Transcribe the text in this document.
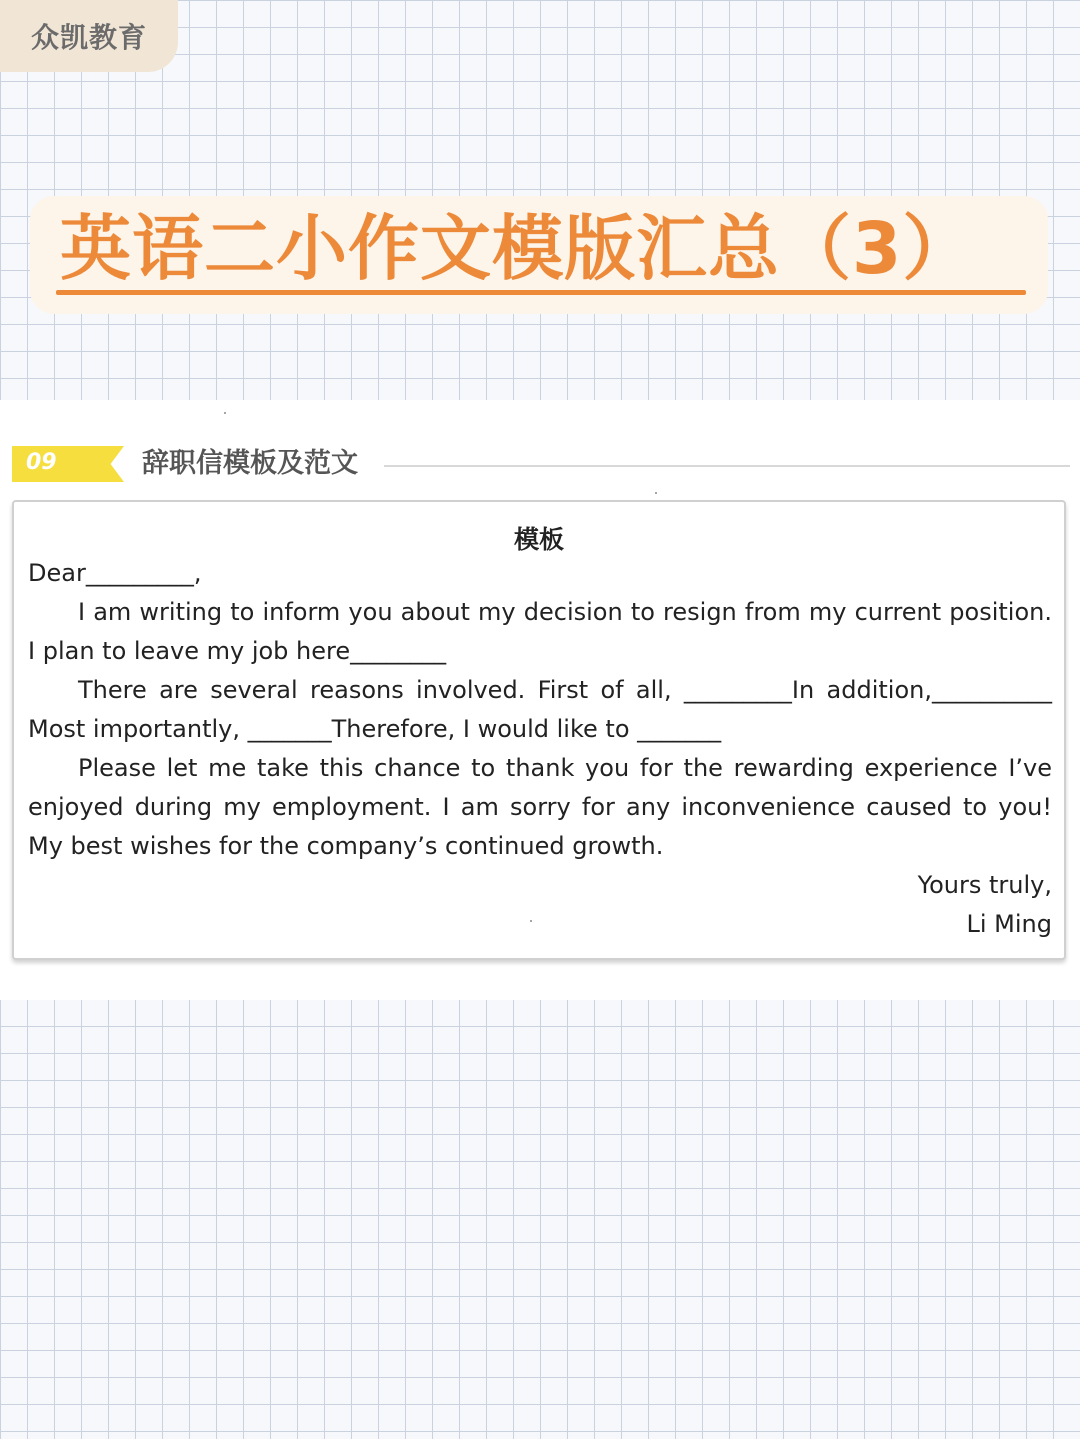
众凯教育
英语二小作文模版汇总（3）
09	辞职信模板及范文
模板

Dear_________,

I am writing to inform you about my decision to resign from my current position. I plan to leave my job here________

There are several reasons involved. First of all, _________In addition,__________ Most importantly, _______Therefore, I would like to _______

Please let me take this chance to thank you for the rewarding experience I’ve enjoyed during my employment. I am sorry for any inconvenience caused to you! My best wishes for the company’s continued growth.

Yours truly,

Li Ming
